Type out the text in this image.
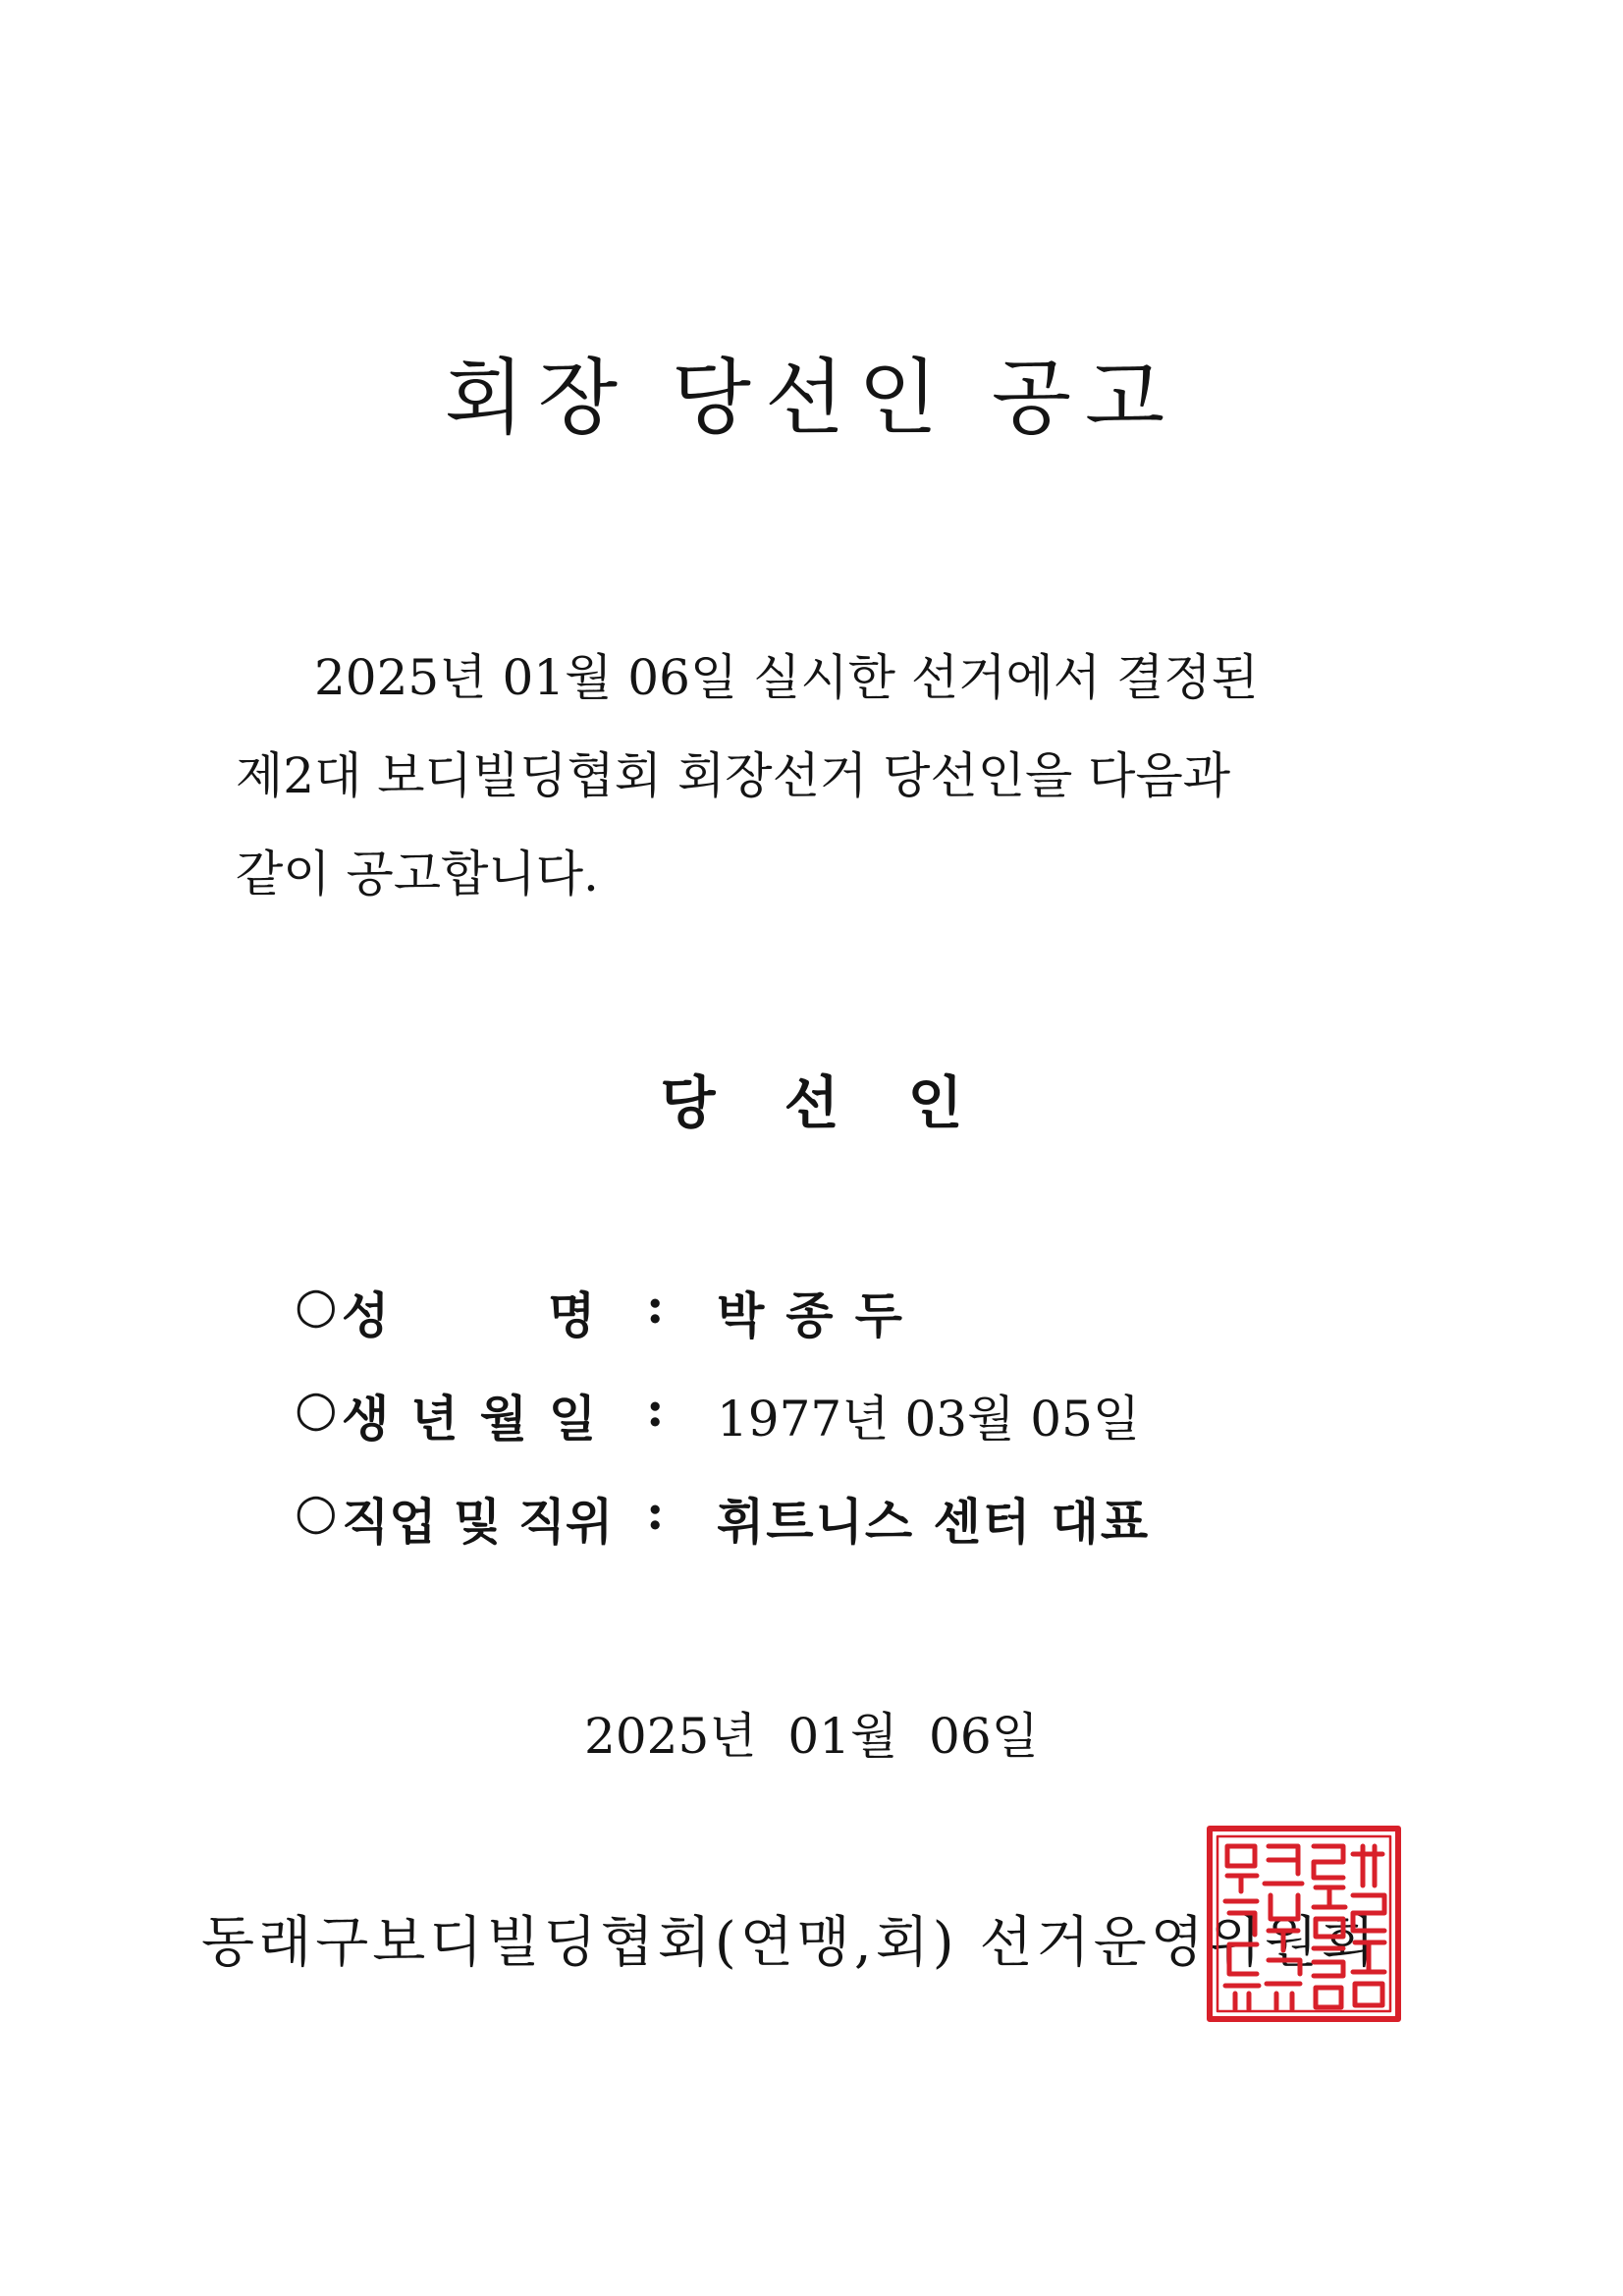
회장 당선인 공고
2025년 01월 06일 실시한 선거에서 결정된
제2대 보디빌딩협회 회장선거 당선인을 다음과
같이 공고합니다.
당선인
○ 성	명 : 박종두
○ 생년월일 : 1977년 03월 05일
○ 직업 및 직위 : 휘트니스 센터 대표
2025년  01월  06일
동래구보디빌딩협회(연맹,회) 선거운영위원회
